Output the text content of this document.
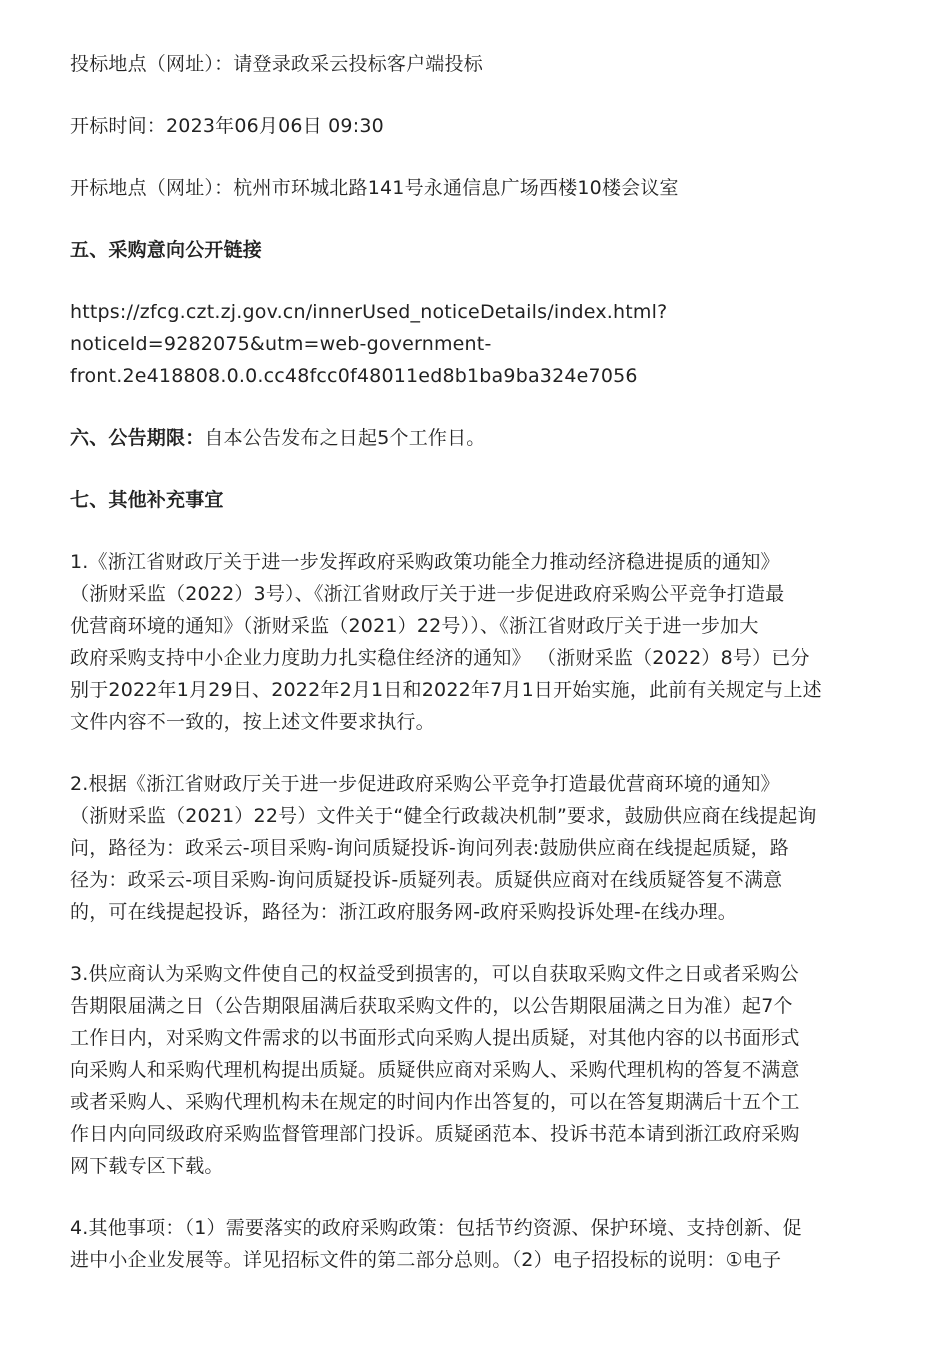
投标地点（网址）：请登录政采云投标客户端投标

开标时间：2023年06月06日 09:30

开标地点（网址）：杭州市环城北路141号永通信息广场西楼10楼会议室

五、采购意向公开链接

https://zfcg.czt.zj.gov.cn/innerUsed_noticeDetails/index.html?

noticeId=9282075&utm=web-government-

front.2e418808.0.0.cc48fcc0f48011ed8b1ba9ba324e7056

六、公告期限：自本公告发布之日起5个工作日。

七、其他补充事宜

1.《浙江省财政厅关于进一步发挥政府采购政策功能全力推动经济稳进提质的通知》

（浙财采监（2022）3号）、《浙江省财政厅关于进一步促进政府采购公平竞争打造最

优营商环境的通知》（浙财采监（2021）22号））、《浙江省财政厅关于进一步加大

政府采购支持中小企业力度助力扎实稳住经济的通知》 （浙财采监（2022）8号）已分

别于2022年1月29日、2022年2月1日和2022年7月1日开始实施，此前有关规定与上述

文件内容不一致的，按上述文件要求执行。

2.根据《浙江省财政厅关于进一步促进政府采购公平竞争打造最优营商环境的通知》

（浙财采监（2021）22号）文件关于“健全行政裁决机制”要求，鼓励供应商在线提起询

问，路径为：政采云-项目采购-询问质疑投诉-询问列表:鼓励供应商在线提起质疑，路

径为：政采云-项目采购-询问质疑投诉-质疑列表。质疑供应商对在线质疑答复不满意

的，可在线提起投诉，路径为：浙江政府服务网-政府采购投诉处理-在线办理。

3.供应商认为采购文件使自己的权益受到损害的，可以自获取采购文件之日或者采购公

告期限届满之日（公告期限届满后获取采购文件的，以公告期限届满之日为准）起7个

工作日内，对采购文件需求的以书面形式向采购人提出质疑，对其他内容的以书面形式

向采购人和采购代理机构提出质疑。质疑供应商对采购人、采购代理机构的答复不满意

或者采购人、采购代理机构未在规定的时间内作出答复的，可以在答复期满后十五个工

作日内向同级政府采购监督管理部门投诉。质疑函范本、投诉书范本请到浙江政府采购

网下载专区下载。

4.其他事项：（1）需要落实的政府采购政策：包括节约资源、保护环境、支持创新、促

进中小企业发展等。详见招标文件的第二部分总则。（2）电子招投标的说明：①电子
